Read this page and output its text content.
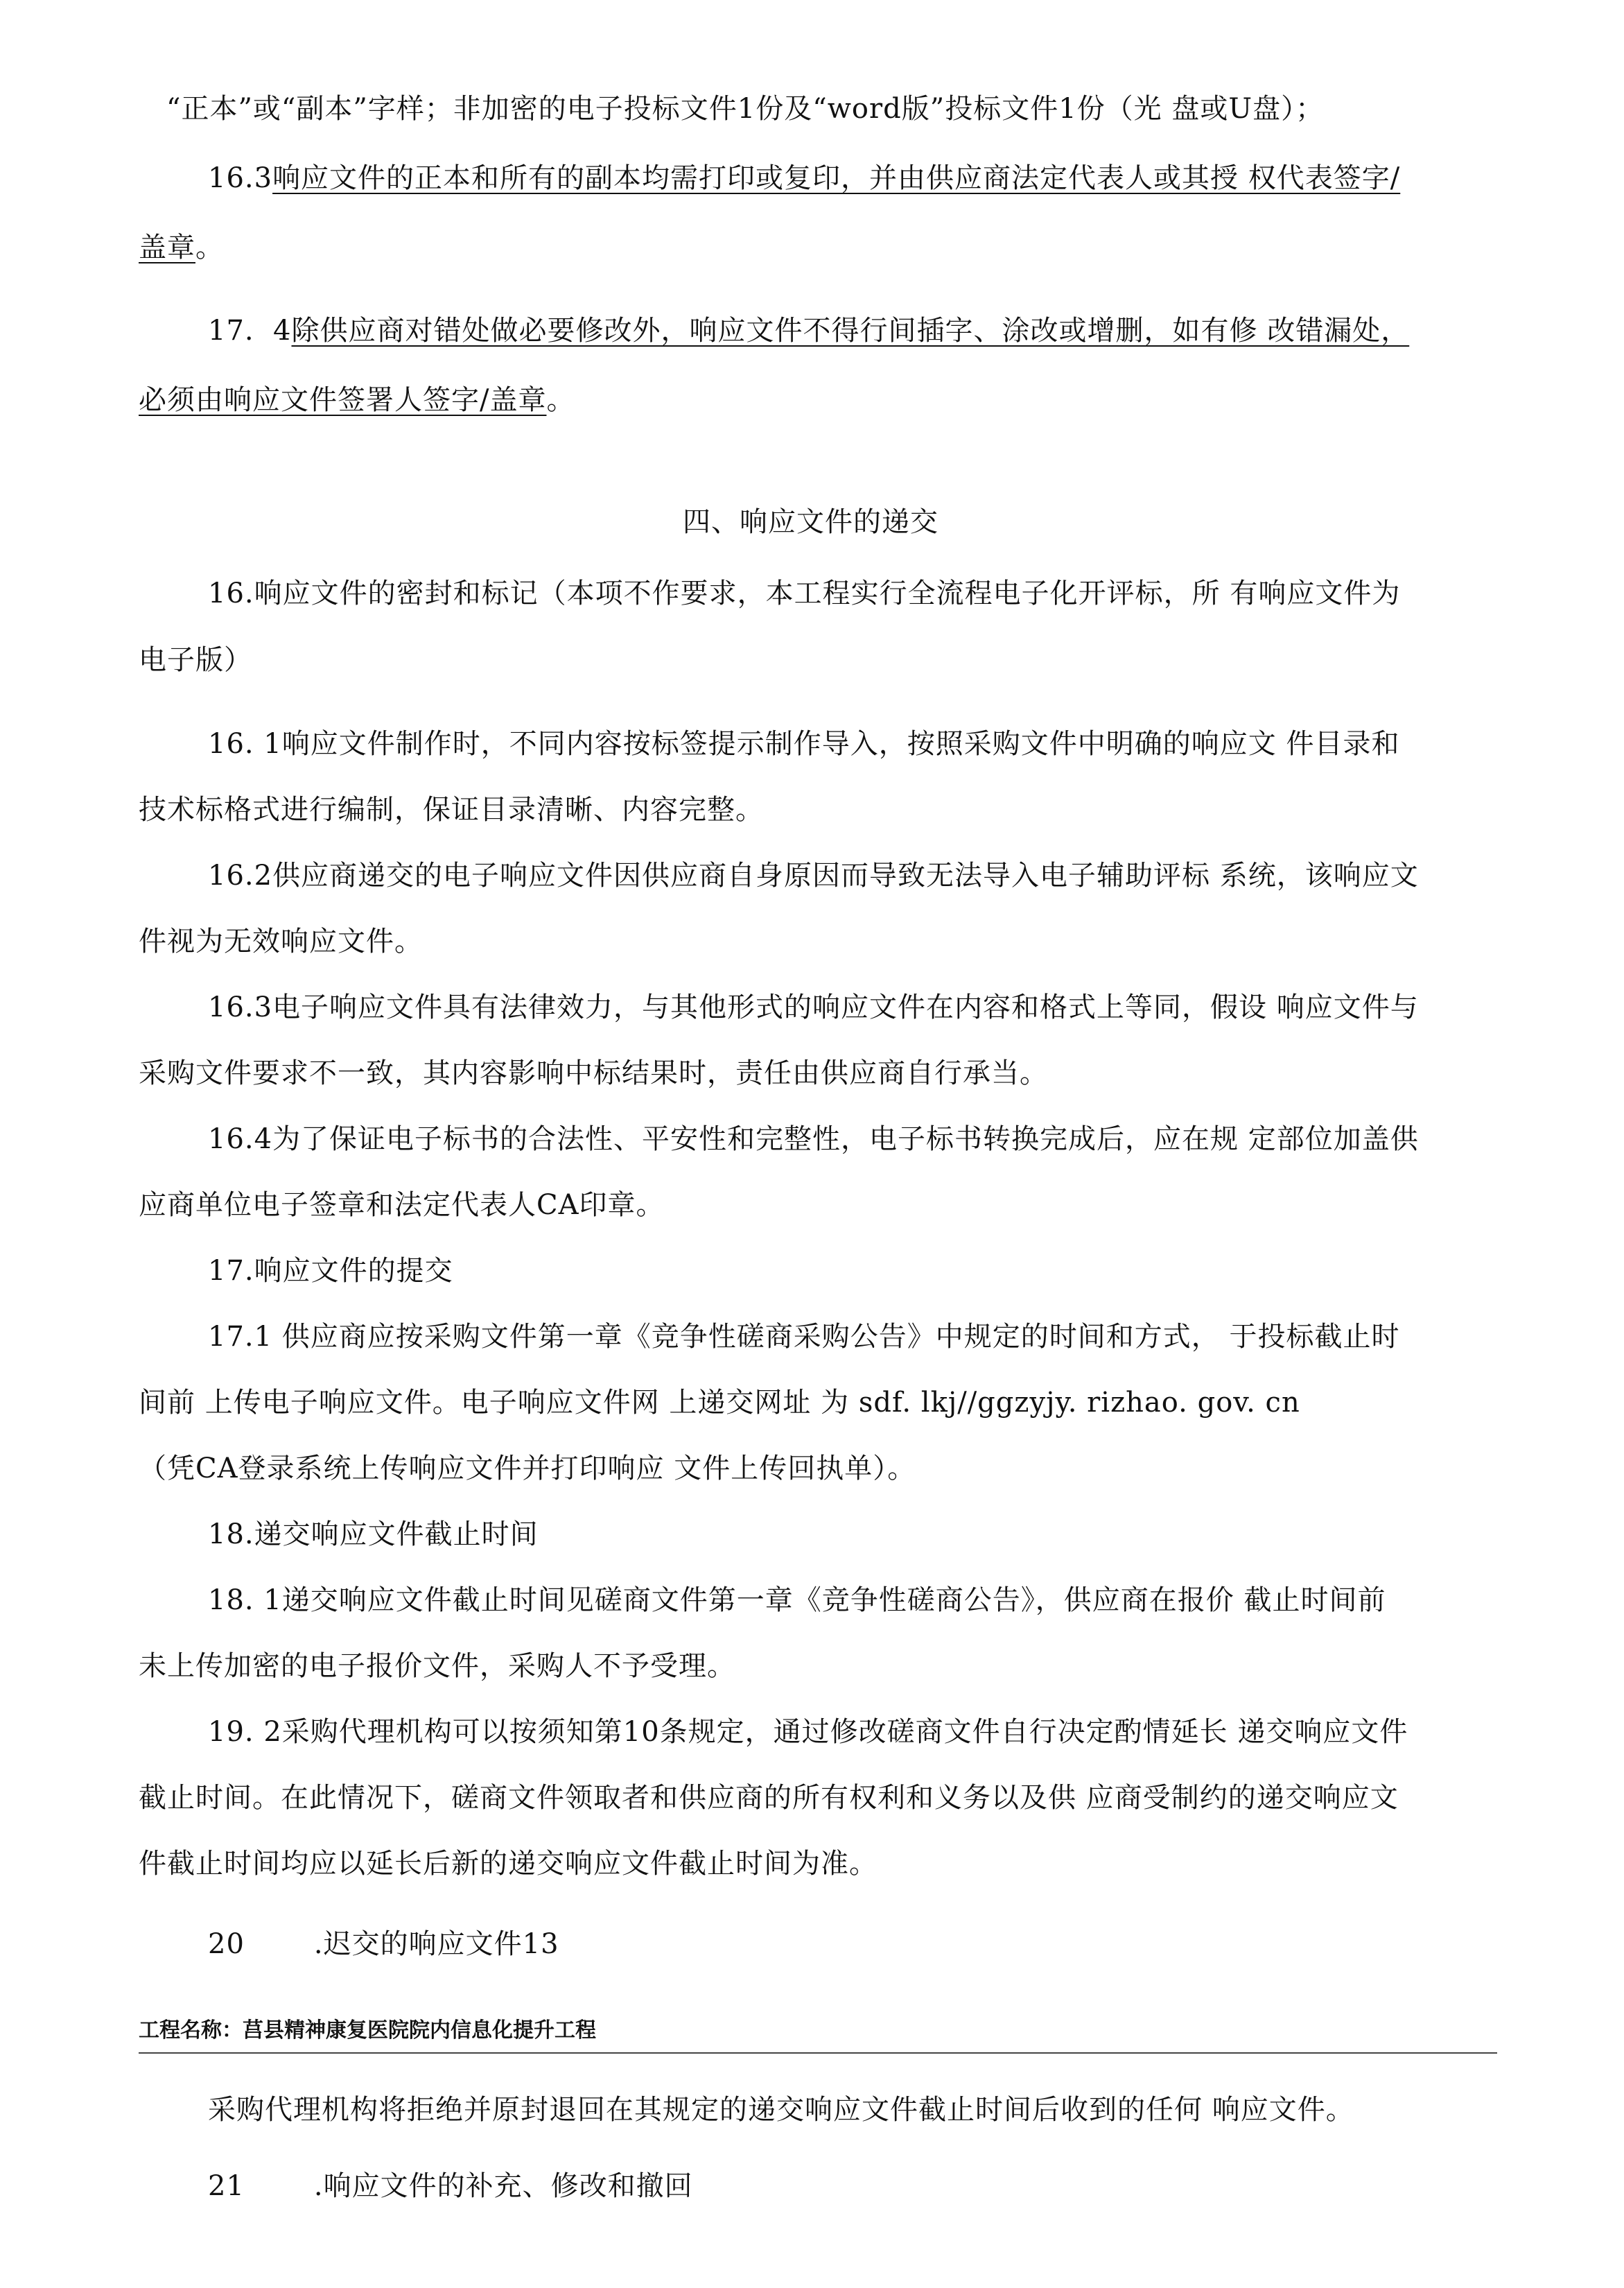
“正本”或“副本”字样；非加密的电子投标文件1份及“word版”投标文件1份（光 盘或U盘）；

16.3响应文件的正本和所有的副本均需打印或复印，并由供应商法定代表人或其授 权代表签字/

盖章。

17.  4除供应商对错处做必要修改外，响应文件不得行间插字、涂改或增删，如有修 改错漏处，

必须由响应文件签署人签字/盖章。

四、响应文件的递交

16.响应文件的密封和标记（本项不作要求，本工程实行全流程电子化开评标，所 有响应文件为

电子版）

16. 1响应文件制作时，不同内容按标签提示制作导入，按照采购文件中明确的响应文 件目录和

技术标格式进行编制，保证目录清晰、内容完整。

16.2供应商递交的电子响应文件因供应商自身原因而导致无法导入电子辅助评标 系统，该响应文

件视为无效响应文件。

16.3电子响应文件具有法律效力，与其他形式的响应文件在内容和格式上等同，假设 响应文件与

采购文件要求不一致，其内容影响中标结果时，责任由供应商自行承当。

16.4为了保证电子标书的合法性、平安性和完整性，电子标书转换完成后，应在规 定部位加盖供

应商单位电子签章和法定代表人CA印章。

17.响应文件的提交

17.1 供应商应按采购文件第一章《竞争性磋商采购公告》中规定的时间和方式， 于投标截止时

间前 上传电子响应文件。电子响应文件网 上递交网址 为 sdf. lkj//ggzyjy. rizhao. gov. cn

（凭CA登录系统上传响应文件并打印响应 文件上传回执单）。

18.递交响应文件截止时间

18. 1递交响应文件截止时间见磋商文件第一章《竞争性磋商公告》，供应商在报价 截止时间前

未上传加密的电子报价文件，采购人不予受理。

19. 2采购代理机构可以按须知第10条规定，通过修改磋商文件自行决定酌情延长 递交响应文件

截止时间。在此情况下，磋商文件领取者和供应商的所有权利和义务以及供 应商受制约的递交响应文

件截止时间均应以延长后新的递交响应文件截止时间为准。

20	.迟交的响应文件13

工程名称：莒县精神康复医院院内信息化提升工程

采购代理机构将拒绝并原封退回在其规定的递交响应文件截止时间后收到的任何 响应文件。

21	.响应文件的补充、修改和撤回
